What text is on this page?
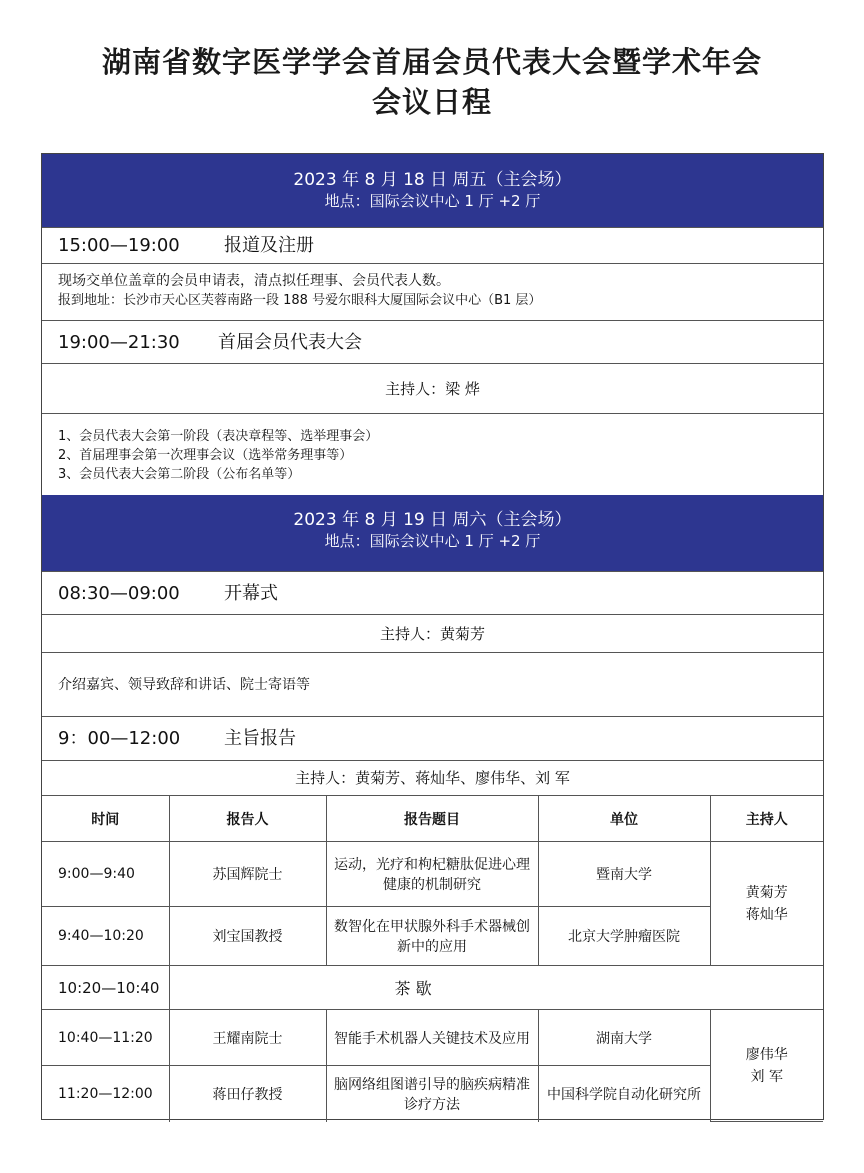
湖南省数字医学学会首届会员代表大会暨学术年会
会议日程
2023 年 8 月 18 日 周五（主会场）
地点：国际会议中心 1 厅 +2 厅
15:00—19:00 报道及注册
现场交单位盖章的会员申请表，清点拟任理事、会员代表人数。
报到地址：长沙市天心区芙蓉南路一段 188 号爱尔眼科大厦国际会议中心（B1 层）
19:00—21:30 首届会员代表大会
主持人：梁 烨
1、会员代表大会第一阶段（表决章程等、选举理事会）
2、首届理事会第一次理事会议（选举常务理事等）
3、会员代表大会第二阶段（公布名单等）
2023 年 8 月 19 日 周六（主会场）
地点：国际会议中心 1 厅 +2 厅
08:30—09:00 开幕式
主持人：黄菊芳
介绍嘉宾、领导致辞和讲话、院士寄语等
9：00—12:00 主旨报告
主持人：黄菊芳、蒋灿华、廖伟华、刘 军
时间	报告人	报告题目	单位	主持人
9:00—9:40	苏国辉院士	运动，光疗和枸杞糖肽促进心理健康的机制研究	暨南大学	黄菊芳
蒋灿华
9:40—10:20	刘宝国教授	数智化在甲状腺外科手术器械创新中的应用	北京大学肿瘤医院	
10:20—10:40	茶 歇			
10:40—11:20	王耀南院士	智能手术机器人关键技术及应用	湖南大学	廖伟华
刘 军
11:20—12:00	蒋田仔教授	脑网络组图谱引导的脑疾病精准诊疗方法	中国科学院自动化研究所	
